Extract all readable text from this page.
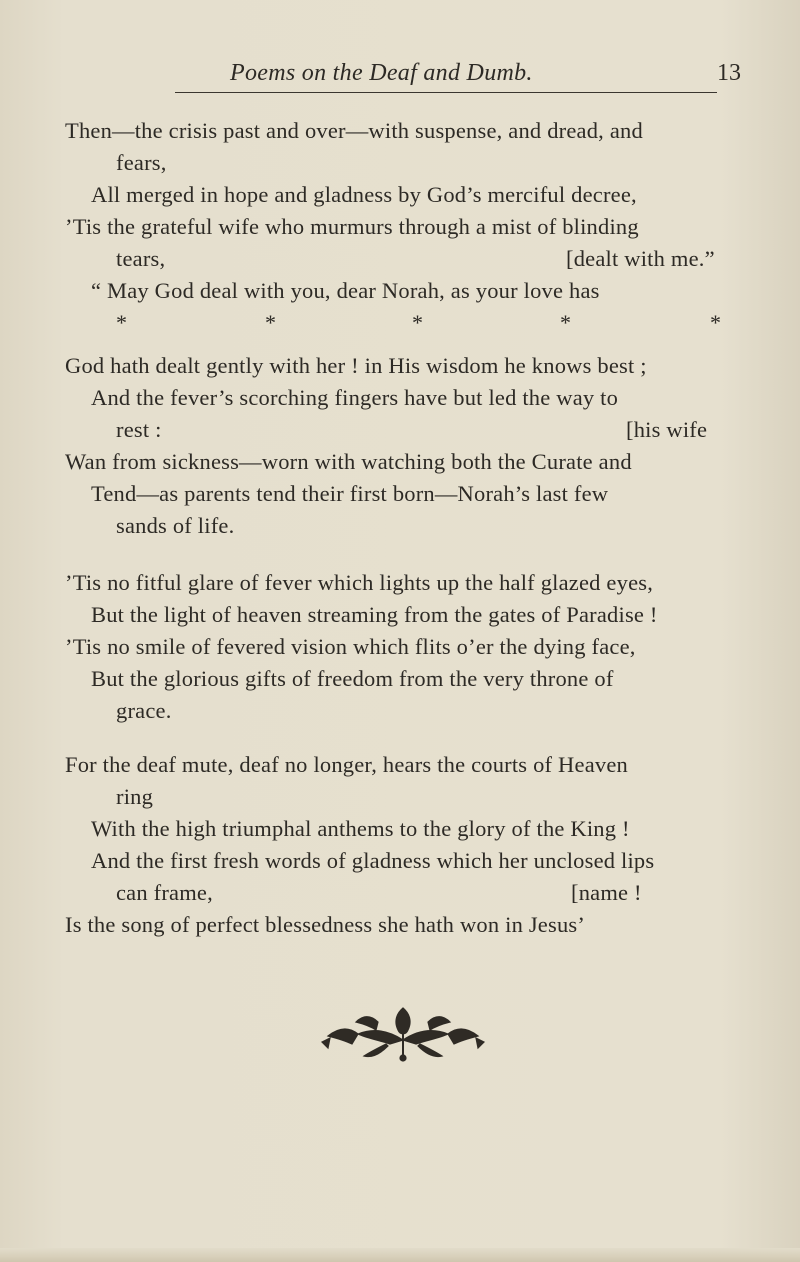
Poems on the Deaf and Dumb.	13
Then—the crisis past and over—with suspense, and dread, and
fears,
All merged in hope and gladness by God’s merciful decree,
’Tis the grateful wife who murmurs through a mist of blinding
tears,	[dealt with me.”
“ May God deal with you, dear Norah, as your love has
*	*	*	*	*
God hath dealt gently with her ! in His wisdom he knows best ;
And the fever’s scorching fingers have but led the way to
rest :	[his wife
Wan from sickness—worn with watching both the Curate and
Tend—as parents tend their first born—Norah’s last few
sands of life.
’Tis no fitful glare of fever which lights up the half glazed eyes,
But the light of heaven streaming from the gates of Paradise !
’Tis no smile of fevered vision which flits o’er the dying face,
But the glorious gifts of freedom from the very throne of
grace.
For the deaf mute, deaf no longer, hears the courts of Heaven
ring
With the high triumphal anthems to the glory of the King !
And the first fresh words of gladness which her unclosed lips
can frame,	[name !
Is the song of perfect blessedness she hath won in Jesus’
